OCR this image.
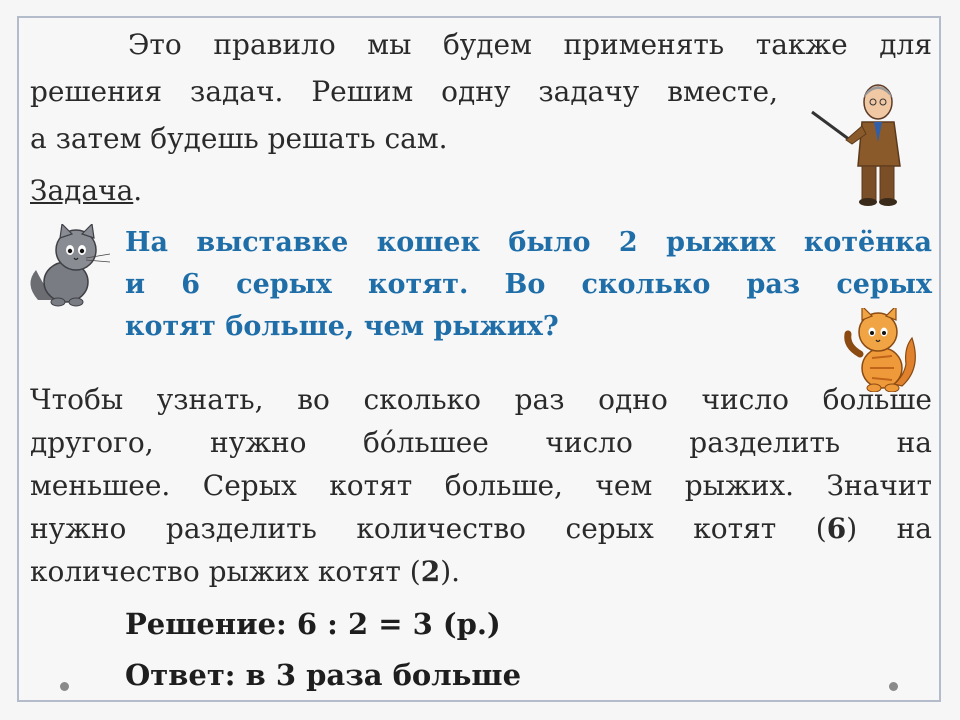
Это правило мы будем применять также для
решения задач. Решим одну задачу вместе,
а затем будешь решать сам.
Задача.
На выставке кошек было 2 рыжих котёнка
и 6 серых котят. Во сколько раз серых
котят больше, чем рыжих?
Чтобы узнать, во сколько раз одно число больше
другого, нужно бóльшее число разделить на
меньшее. Серых котят больше, чем рыжих. Значит
нужно разделить количество серых котят (6) на
количество рыжих котят (2).
Решение: 6 : 2 = 3 (р.)
Ответ: в 3 раза больше
